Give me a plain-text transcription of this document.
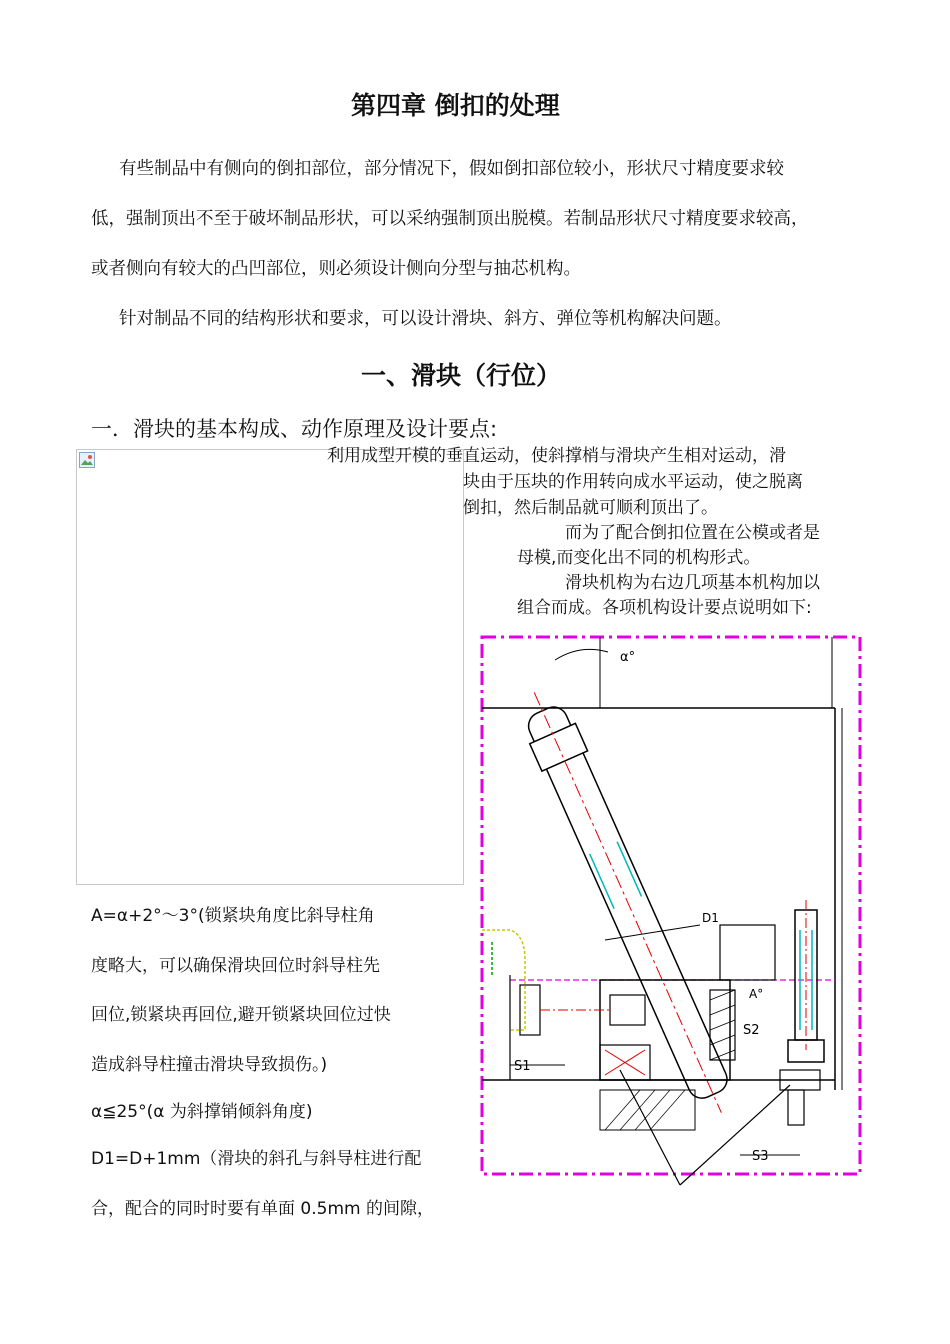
第四章 倒扣的处理
有些制品中有侧向的倒扣部位，部分情况下，假如倒扣部位较小，形状尺寸精度要求较
低，强制顶出不至于破坏制品形状，可以采纳强制顶出脱模。若制品形状尺寸精度要求较高，
或者侧向有较大的凸凹部位，则必须设计侧向分型与抽芯机构。
针对制品不同的结构形状和要求，可以设计滑块、斜方、弹位等机构解决问题。
一、滑块（行位）
一．滑块的基本构成、动作原理及设计要点:
利用成型开模的垂直运动，使斜撑梢与滑块产生相对运动，滑
块由于压块的作用转向成水平运动，使之脱离
倒扣，然后制品就可顺利顶出了。
而为了配合倒扣位置在公模或者是
母模,而变化出不同的机构形式。
滑块机构为右边几项基本机构加以
组合而成。各项机构设计要点说明如下:
A=α+2°～3°(锁紧块角度比斜导柱角
度略大，可以确保滑块回位时斜导柱先
回位,锁紧块再回位,避开锁紧块回位过快
造成斜导柱撞击滑块导致损伤。)
α≦25°(α 为斜撑销倾斜角度)
D1=D+1mm（滑块的斜孔与斜导柱进行配
合，配合的同时时要有单面 0.5mm 的间隙，
α°
D1
A°
S2
S1
S3
